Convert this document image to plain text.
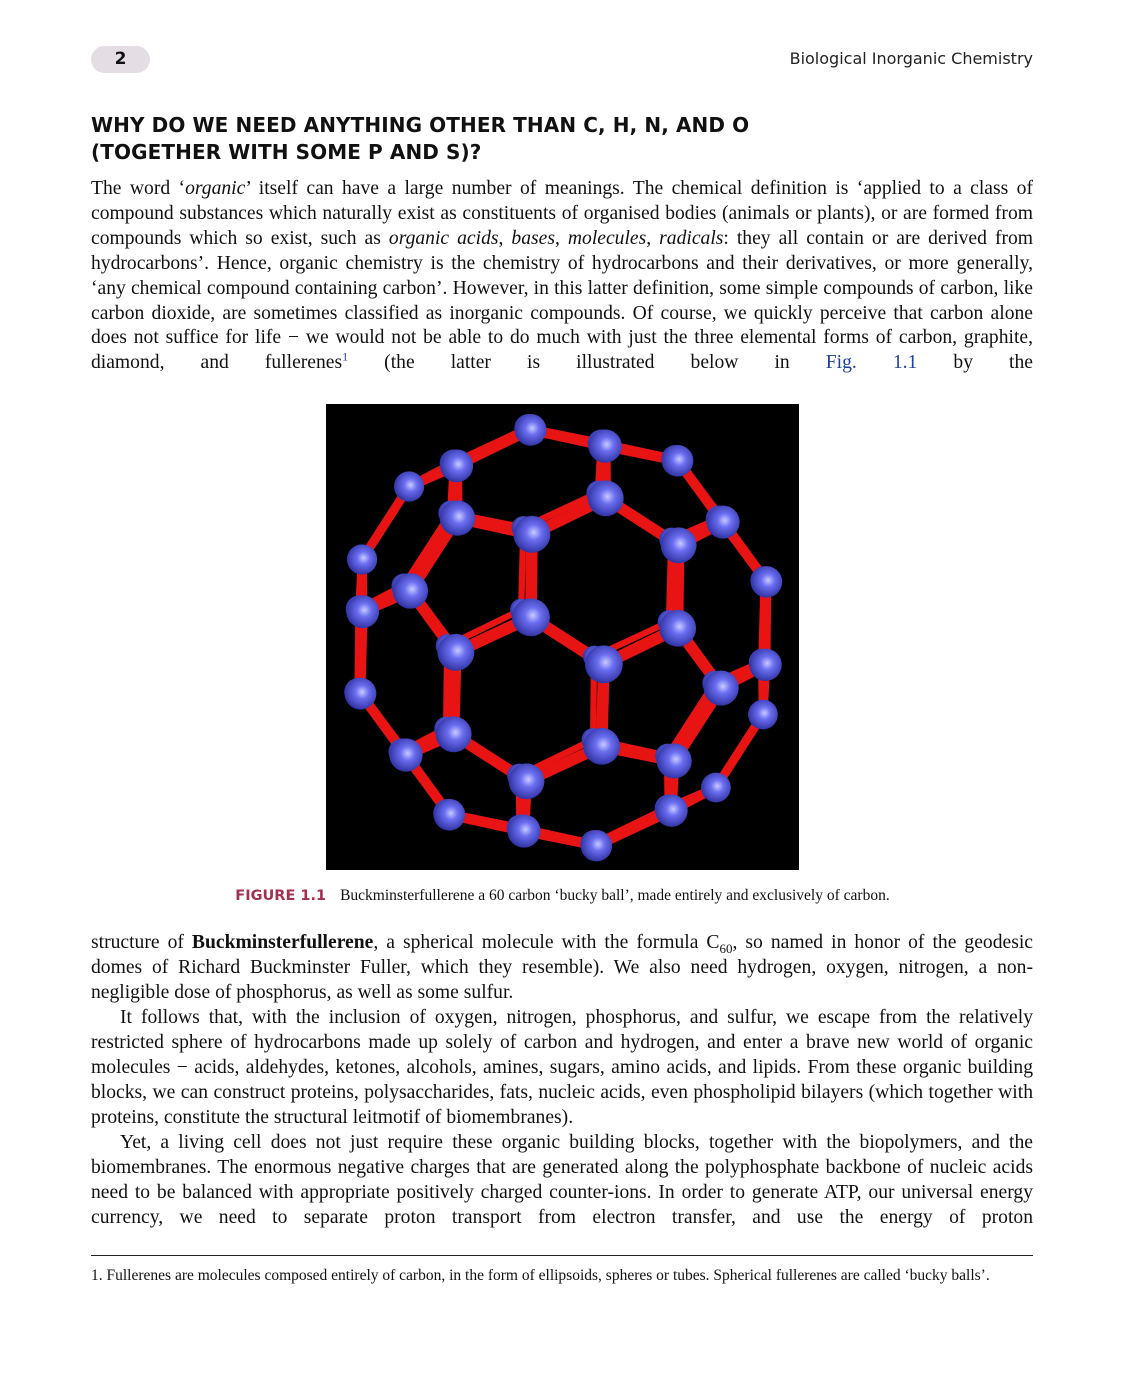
2	Biological Inorganic Chemistry
WHY DO WE NEED ANYTHING OTHER THAN C, H, N, AND O
(TOGETHER WITH SOME P AND S)?

The word ‘organic’ itself can have a large number of meanings. The chemical definition is ‘applied to a class of compound substances which naturally exist as constituents of organised bodies (animals or plants), or are formed from compounds which so exist, such as organic acids, bases, molecules, radicals: they all contain or are derived from hydrocarbons’. Hence, organic chemistry is the chemistry of hydrocarbons and their derivatives, or more generally, ‘any chemical compound containing carbon’. However, in this latter definition, some simple compounds of carbon, like carbon dioxide, are sometimes classified as inorganic compounds. Of course, we quickly perceive that carbon alone does not suffice for life − we would not be able to do much with just the three elemental forms of carbon, graphite, diamond, and fullerenes$^1$ (the latter is illustrated below in Fig. 1.1 by the

FIGURE 1.1 Buckminsterfullerene a 60 carbon ‘bucky ball’, made entirely and exclusively of carbon.

structure of Buckminsterfullerene, a spherical molecule with the formula $C_{60}$, so named in honor of the geodesic domes of Richard Buckminster Fuller, which they resemble). We also need hydrogen, oxygen, nitrogen, a non-negligible dose of phosphorus, as well as some sulfur.

It follows that, with the inclusion of oxygen, nitrogen, phosphorus, and sulfur, we escape from the relatively restricted sphere of hydrocarbons made up solely of carbon and hydrogen, and enter a brave new world of organic molecules − acids, aldehydes, ketones, alcohols, amines, sugars, amino acids, and lipids. From these organic building blocks, we can construct proteins, polysaccharides, fats, nucleic acids, even phospholipid bilayers (which together with proteins, constitute the structural leitmotif of biomembranes).

Yet, a living cell does not just require these organic building blocks, together with the biopolymers, and the biomembranes. The enormous negative charges that are generated along the polyphosphate backbone of nucleic acids need to be balanced with appropriate positively charged counter-ions. In order to generate ATP, our universal energy currency, we need to separate proton transport from electron transfer, and use the energy of proton

1. Fullerenes are molecules composed entirely of carbon, in the form of ellipsoids, spheres or tubes. Spherical fullerenes are called ‘bucky balls’.
